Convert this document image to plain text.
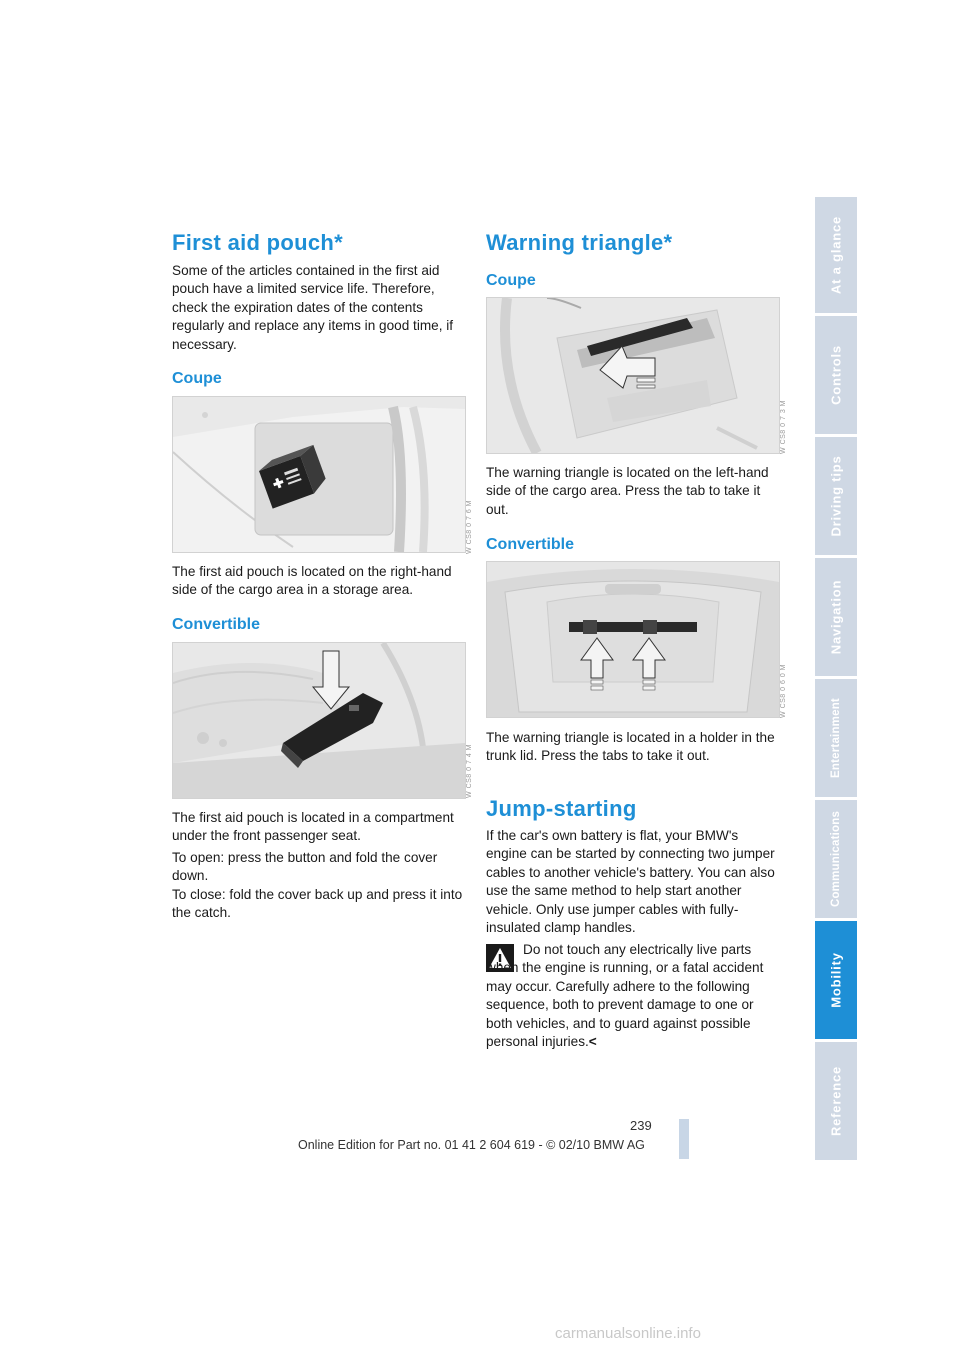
First aid pouch*

Some of the articles contained in the first aid pouch have a limited service life. Therefore, check the expiration dates of the contents regularly and replace any items in good time, if necessary.

Coupe
W CS8 0 7 6 M

The first aid pouch is located on the right-hand side of the cargo area in a storage area.

Convertible
W CS8 0 7 4 M

The first aid pouch is located in a compartment under the front passenger seat.

To open: press the button and fold the cover down.

To close: fold the cover back up and press it into the catch.

Warning triangle*
Coupe
W CS8 0 7 3 M

The warning triangle is located on the left-hand side of the cargo area. Press the tab to take it out.

Convertible
W CS8 0 6 0 M

The warning triangle is located in a holder in the trunk lid. Press the tabs to take it out.

Jump-starting

If the car's own battery is flat, your BMW's engine can be started by connecting two jumper cables to another vehicle's battery. You can also use the same method to help start another vehicle. Only use jumper cables with fully-insulated clamp handles.

Do not touch any electrically live parts when the engine is running, or a fatal accident may occur. Carefully adhere to the following sequence, both to prevent damage to one or both vehicles, and to guard against possible personal injuries.<

At a glance
Controls
Driving tips
Navigation
Entertainment
Communications
Mobility
Reference
239
Online Edition for Part no. 01 41 2 604 619 - © 02/10 BMW AG
carmanualsonline.info
